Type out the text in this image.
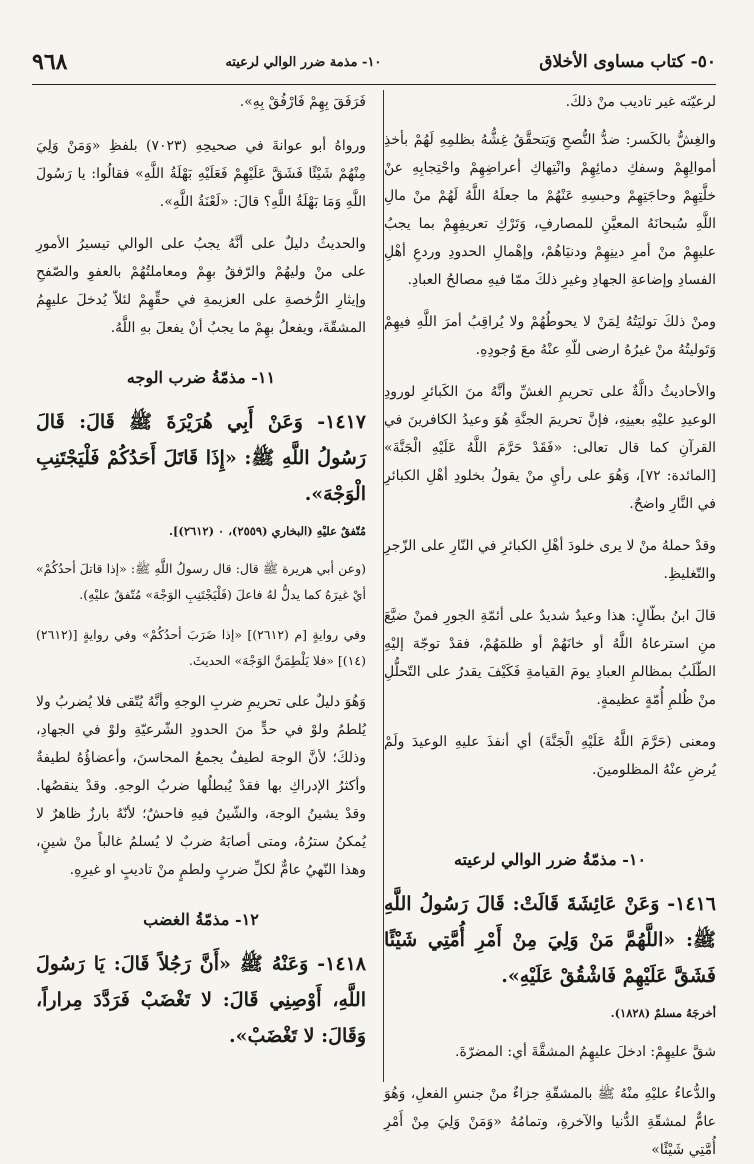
٥٠- كتاب مساوى الأخلاق
١٠- مذمة ضرر الوالي لرعيته
٩٦٨

لرعيّته غير تاديب منْ ذلكَ.

والغِشُّ بالكَسر: ضدُّ النُّصحِ وَيَتحقَّقُ غِشُّهُ بظلمِهِ لَهُمْ بأخذِ أموالِهِمْ وسفكِ دمائِهِمْ وانْتِهاكِ أعراضِهِمْ واحْتِجابِهِ عنْ خلَّتِهِمْ وحاجَتِهِمْ وحبسِهِ عَنْهُمْ ما جعلَهُ اللَّهُ لَهُمْ منْ مالِ اللَّهِ سُبحانَهُ المعيَّنِ للمصارفِ، وَتَرْكِ تعريفِهِمْ بما يجبُ عليهِمْ منْ أمرِ دينِهِمْ ودنيَاهُمْ، وإهْمالِ الحدودِ وردعِ أهْلِ الفسادِ وإضاعةِ الجهادِ وغيرِ ذلكَ ممّا فيهِ مصالحُ العبادِ.

ومنْ ذلكَ توليَتُهُ لِمَنْ لا يحوطُهُمْ ولا يُراقِبُ أمرَ اللَّهِ فيهِمْ وَتَوليتُهُ منْ غيرُهُ ارضى للّهِ عنْهُ معَ وُجودِهِ.

والأحاديثُ دالَّةٌ على تحريمِ الغشِّ وأنَّهُ منَ الكَبائرِ لورودِ الوعيدِ عليْهِ بعينِهِ، فإنَّ تحريمَ الجنَّةِ هُوَ وعيدُ الكافرينَ في القرآنِ كما قال تعالى: «فَقَدْ حَرَّمَ اللَّهُ عَلَيْهِ الْجَنَّةَ» [المائدة: ٧٢]، وَهُوَ على رأيِ منْ يقولُ بخلودِ أهْلِ الكبائرِ في النَّارِ واضحٌ.

وقدْ حملهُ منْ لا يرى خلودَ أهْلِ الكبائرِ في النّارِ على الزّجرِ والتّغليظِ.

قالَ ابنُ بطّالٍ: هذا وعيدٌ شديدٌ على أئمّةِ الجورِ فمنْ ضيَّعَ منِ استرعاهُ اللَّهُ أو خانَهُمْ أو ظلمَهُمْ، فقدْ توجّهَ إليْهِ الطّلَبُ بمظالمِ العبادِ يومَ القيامةِ فَكَيْفَ يقدرُ على التّحلُّلِ منْ ظُلمِ أُمّةٍ عظيمةٍ.

ومعنى (حَرَّمَ اللَّهُ عَلَيْهِ الْجَنَّةَ) أي أنفذَ عليهِ الوعيدَ ولَمْ يُرضِ عنْهُ المظلومينَ.

١٠- مذمّةُ ضرر الوالي لرعيته
١٤١٦- وَعَنْ عَائِشَةَ قَالَتْ: قَالَ رَسُولُ اللَّهِ ﷺ: «اللَّهُمَّ مَنْ وَلِيَ مِنْ أَمْرِ أُمَّتِي شَيْئًا فَشَقَّ عَلَيْهِمْ فَاشْقُقْ عَلَيْهِ».
أخرجَهُ مسلمٌ (١٨٢٨).

شقَّ عليهِمْ: ادخلَ عليهِمُ المشقَّةَ أي: المضرّةَ.

والدُّعاءُ عليْهِ منْهُ ﷺ بالمشقّةِ جزاءٌ منْ جنسِ الفعلِ، وَهُوَ عامٌّ لمشقّةِ الدُّنيا والآخرةِ، وتمامُهُ «وَمَنْ وَلِيَ مِنْ أَمْرِ أُمَّتِي شَيْئًا»

فَرَفَقَ بِهِمْ فَارْفُقْ بِهِ».

ورواهُ أبو عوانةَ في صحيحِهِ (٧٠٢٣) بلفظِ «وَمَنْ وَلِيَ مِنْهُمْ شَيْئًا فَشَقَّ عَلَيْهِمْ فَعَلَيْهِ بَهْلَةُ اللَّهِ» فقالُوا: يا رَسُولَ اللَّهِ وَمَا بَهْلَةُ اللَّهِ؟ قالَ: «لَعْنَةُ اللَّهِ».

والحديثُ دليلٌ على أنَّهُ يجبُ على الوالي تيسيرُ الأمورِ على منْ وليهُمْ والرّفقُ بهِمْ ومعاملتُهُمْ بالعفوِ والصّفحِ وإيثارِ الرُّخصةِ على العزيمةِ في حقِّهِمْ لئلاّ يُدخلَ عليهِمُ المشقّةَ، ويفعلُ بهِمْ ما يجبُ أنْ يفعلَ بهِ اللَّهُ.

١١- مذمّةُ ضرب الوجه
١٤١٧- وَعَنْ أَبِي هُرَيْرَةَ ﷺ قَالَ: قَالَ رَسُولُ اللَّهِ ﷺ: «إِذَا قَاتَلَ أَحَدُكُمْ فَلْيَجْتَنِبِ الْوَجْهَ».
مُتّفقٌ عليْهِ (البخاري (٢٥٥٩)، ٠ (٢٦١٢)].

(وعن أبي هريرة ﷺ قال: قال رسولُ اللَّهِ ﷺ: «إذا قاتلَ أحدُكُمْ» أيْ غيرَهُ كما يدلُّ لهُ فاعلَ (فَلْيَجْتَنِبِ الوَجْهَ» مُتّفقٌ عليْهِ).

وفي روايةٍ [م (٢٦١٢)] «إذا ضَرَبَ أحدُكُمْ» وفي روايةٍ [(٢٦١٢) (١٤)] «فلا يَلْطِمَنَّ الوَجْهَ» الحديثَ.

وَهُوَ دليلٌ على تحريمِ ضربِ الوجهِ وأنَّهُ يُتّقى فلا يُضربُ ولا يُلطمُ ولوْ في حدٍّ منَ الحدودِ الشّرعيّةِ ولوْ في الجهادِ، وذلكَ؛ لأنَّ الوجهَ لطيفٌ يجمعُ المحاسنَ، وأعضاؤُهُ لطيفةٌ وأكثرُ الإدراكِ بها فقدْ يُبطلُها ضربُ الوجهِ. وقدْ ينقصُها. وقدْ يشينُ الوجهَ، والشّينُ فيهِ فاحشٌ؛ لأنّهُ بارزٌ ظاهرٌ لا يُمكنُ سترُهُ، ومتى أصابَهُ ضربٌ لا يُسلمُ غالباً منْ شينٍ، وهذا النّهيُ عامٌّ لكلِّ ضربٍ ولطمٍ منْ تاديبٍ او غيرِهِ.

١٢- مذمّةُ الغضب
١٤١٨- وَعَنْهُ ﷺ «أَنَّ رَجُلاً قَالَ: يَا رَسُولَ اللَّهِ، أَوْصِنِي قَالَ: لا تَغْضَبْ فَرَدَّدَ مِراراً، وَقَالَ: لا تَغْضَبْ».
